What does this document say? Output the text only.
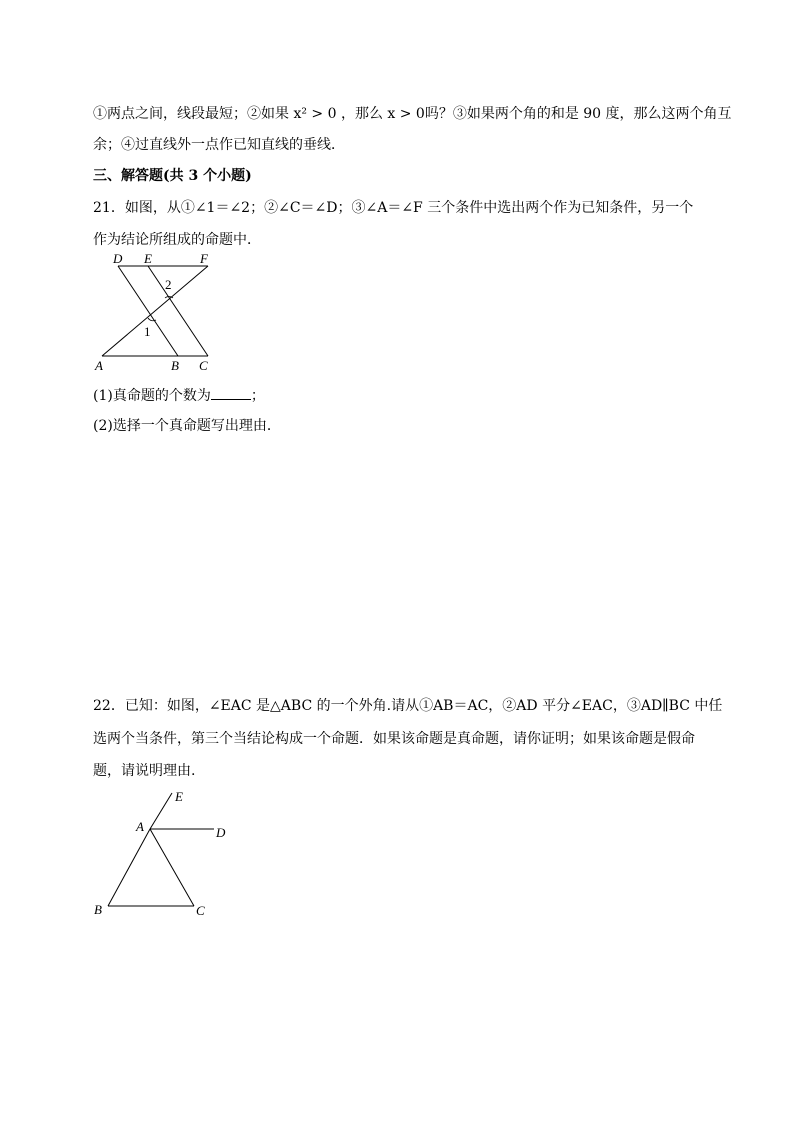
①两点之间，线段最短；②如果 x² > 0 ，那么 x > 0吗？③如果两个角的和是 90 度，那么这两个角互
余；④过直线外一点作已知直线的垂线．
三、解答题(共 3 个小题)
21．如图，从①∠1＝∠2；②∠C＝∠D；③∠A＝∠F 三个条件中选出两个作为已知条件，另一个
作为结论所组成的命题中．
D E	F
2
1
A	B C
(1)真命题的个数为	；
(2)选择一个真命题写出理由．
22．已知：如图，∠EAC 是△ABC 的一个外角.请从①AB＝AC，②AD 平分∠EAC，③AD∥BC 中任
选两个当条件，第三个当结论构成一个命题．如果该命题是真命题，请你证明；如果该命题是假命
题，请说明理由.
E
A	D
B	C
